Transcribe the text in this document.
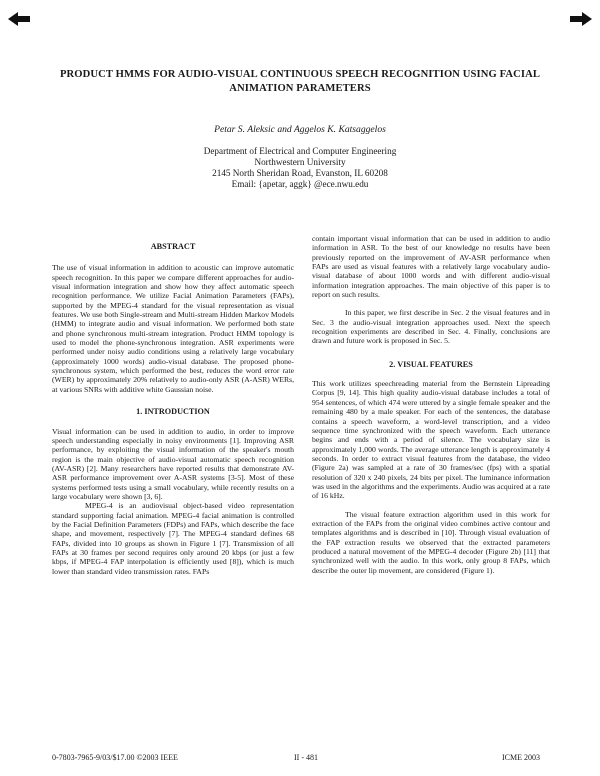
PRODUCT HMMS FOR AUDIO-VISUAL CONTINUOUS SPEECH RECOGNITION USING FACIAL
ANIMATION PARAMETERS
Petar S. Aleksic and Aggelos K. Katsaggelos
Department of Electrical and Computer Engineering
Northwestern University
2145 North Sheridan Road, Evanston, IL 60208
Email: {apetar, aggk} @ece.nwu.edu
ABSTRACT

The use of visual information in addition to acoustic can improve automatic speech recognition. In this paper we compare different approaches for audio-visual information integration and show how they affect automatic speech recognition performance. We utilize Facial Animation Parameters (FAPs), supported by the MPEG-4 standard for the visual representation as visual features. We use both Single-stream and Multi-stream Hidden Markov Models (HMM) to integrate audio and visual information. We performed both state and phone synchronous multi-stream integration. Product HMM topology is used to model the phone-synchronous integration. ASR experiments were performed under noisy audio conditions using a relatively large vocabulary (approximately 1000 words) audio-visual database. The proposed phone-synchronous system, which performed the best, reduces the word error rate (WER) by approximately 20% relatively to audio-only ASR (A-ASR) WERs, at various SNRs with additive white Gaussian noise.

1. INTRODUCTION

Visual information can be used in addition to audio, in order to improve speech understanding especially in noisy environments [1]. Improving ASR performance, by exploiting the visual information of the speaker's mouth region is the main objective of audio-visual automatic speech recognition (AV-ASR) [2]. Many researchers have reported results that demonstrate AV-ASR performance improvement over A-ASR systems [3-5]. Most of these systems performed tests using a small vocabulary, while recently results on a large vocabulary were shown [3, 6].

MPEG-4 is an audiovisual object-based video representation standard supporting facial animation. MPEG-4 facial animation is controlled by the Facial Definition Parameters (FDPs) and FAPs, which describe the face shape, and movement, respectively [7]. The MPEG-4 standard defines 68 FAPs, divided into 10 groups as shown in Figure 1 [7]. Transmission of all FAPs at 30 frames per second requires only around 20 kbps (or just a few kbps, if MPEG-4 FAP interpolation is efficiently used [8]), which is much lower than standard video transmission rates. FAPs

contain important visual information that can be used in addition to audio information in ASR. To the best of our knowledge no results have been previously reported on the improvement of AV-ASR performance when FAPs are used as visual features with a relatively large vocabulary audio-visual database of about 1000 words and with different audio-visual information integration approaches. The main objective of this paper is to report on such results.

In this paper, we first describe in Sec. 2 the visual features and in Sec. 3 the audio-visual integration approaches used. Next the speech recognition experiments are described in Sec. 4. Finally, conclusions are drawn and future work is proposed in Sec. 5.

2. VISUAL FEATURES

This work utilizes speechreading material from the Bernstein Lipreading Corpus [9, 14]. This high quality audio-visual database includes a total of 954 sentences, of which 474 were uttered by a single female speaker and the remaining 480 by a male speaker. For each of the sentences, the database contains a speech waveform, a word-level transcription, and a video sequence time synchronized with the speech waveform. Each utterance begins and ends with a period of silence. The vocabulary size is approximately 1,000 words. The average utterance length is approximately 4 seconds. In order to extract visual features from the database, the video (Figure 2a) was sampled at a rate of 30 frames/sec (fps) with a spatial resolution of 320 x 240 pixels, 24 bits per pixel. The luminance information was used in the algorithms and the experiments. Audio was acquired at a rate of 16 kHz.

The visual feature extraction algorithm used in this work for extraction of the FAPs from the original video combines active contour and templates algorithms and is described in [10]. Through visual evaluation of the FAP extraction results we observed that the extracted parameters produced a natural movement of the MPEG-4 decoder (Figure 2b) [11] that synchronized well with the audio. In this work, only group 8 FAPs, which describe the outer lip movement, are considered (Figure 1).

0-7803-7965-9/03/$17.00 ©2003 IEEE	II - 481	ICME 2003
